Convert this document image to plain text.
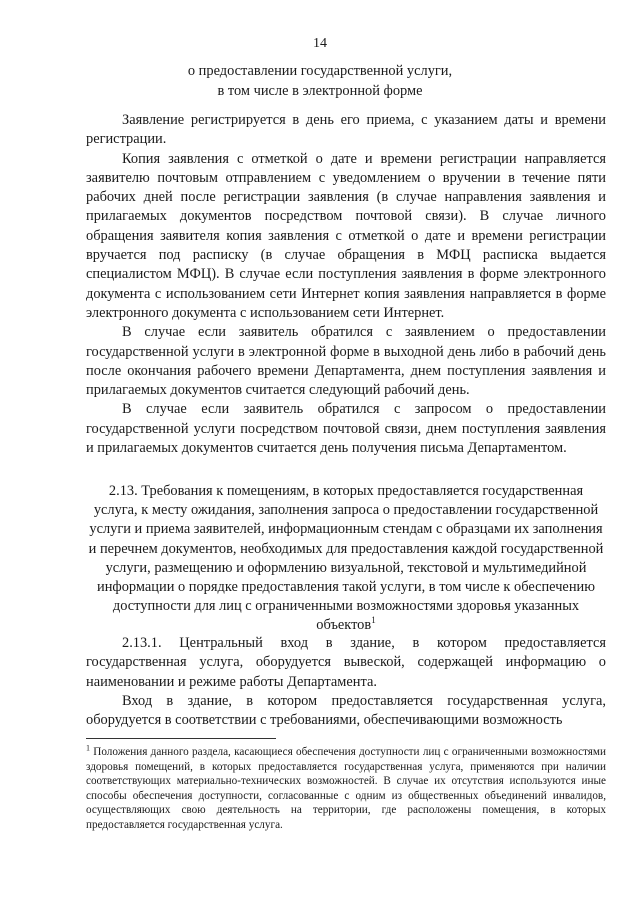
14
о предоставлении государственной услуги,
в том числе в электронной форме

Заявление регистрируется в день его приема, с указанием даты и времени регистрации.

Копия заявления с отметкой о дате и времени регистрации направляется заявителю почтовым отправлением с уведомлением о вручении в течение пяти рабочих дней после регистрации заявления (в случае направления заявления и прилагаемых документов посредством почтовой связи). В случае личного обращения заявителя копия заявления с отметкой о дате и времени регистрации вручается под расписку (в случае обращения в МФЦ расписка выдается специалистом МФЦ). В случае если поступления заявления в форме электронного документа с использованием сети Интернет копия заявления направляется в форме электронного документа с использованием сети Интернет.

В случае если заявитель обратился с заявлением о предоставлении государственной услуги в электронной форме в выходной день либо в рабочий день после окончания рабочего времени Департамента, днем поступления заявления и прилагаемых документов считается следующий рабочий день.

В случае если заявитель обратился с запросом о предоставлении государственной услуги посредством почтовой связи, днем поступления заявления и прилагаемых документов считается день получения письма Департаментом.

2.13. Требования к помещениям, в которых предоставляется государственная услуга, к месту ожидания, заполнения запроса о предоставлении государственной услуги и приема заявителей, информационным стендам с образцами их заполнения и перечнем документов, необходимых для предоставления каждой государственной услуги, размещению и оформлению визуальной, текстовой и мультимедийной информации о порядке предоставления такой услуги, в том числе к обеспечению доступности для лиц с ограниченными возможностями здоровья указанных объектов$^1$

2.13.1. Центральный вход в здание, в котором предоставляется государственная услуга, оборудуется вывеской, содержащей информацию о наименовании и режиме работы Департамента.

Вход в здание, в котором предоставляется государственная услуга, оборудуется в соответствии с требованиями, обеспечивающими возможность

$^1$ Положения данного раздела, касающиеся обеспечения доступности лиц с ограниченными возможностями здоровья помещений, в которых предоставляется государственная услуга, применяются при наличии соответствующих материально-технических возможностей. В случае их отсутствия используются иные способы обеспечения доступности, согласованные с одним из общественных объединений инвалидов, осуществляющих свою деятельность на территории, где расположены помещения, в которых предоставляется государственная услуга.
